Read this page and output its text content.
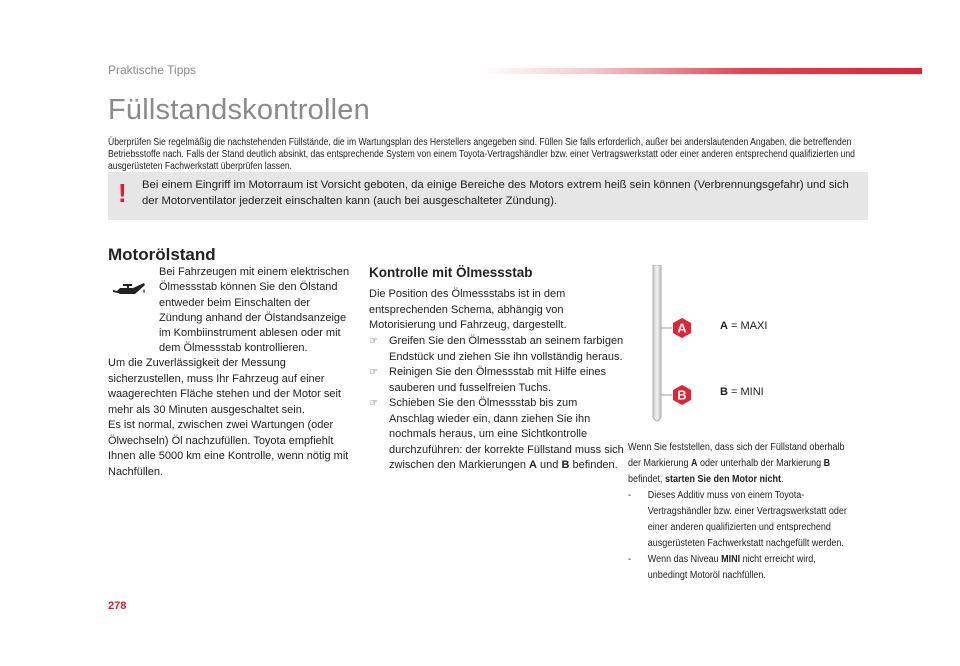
Praktische Tipps
Füllstandskontrollen
Überprüfen Sie regelmäßig die nachstehenden Füllstände, die im Wartungsplan des Herstellers angegeben sind. Füllen Sie falls erforderlich, außer bei anderslautenden Angaben, die betreffenden Betriebsstoffe nach. Falls der Stand deutlich absinkt, das entsprechende System von einem Toyota-Vertragshändler bzw. einer Vertragswerkstatt oder einer anderen entsprechend qualifizierten und ausgerüsteten Fachwerkstatt überprüfen lassen.
! Bei einem Eingriff im Motorraum ist Vorsicht geboten, da einige Bereiche des Motors extrem heiß sein können (Verbrennungsgefahr) und sich der Motorventilator jederzeit einschalten kann (auch bei ausgeschalteter Zündung).
Motorölstand
Bei Fahrzeugen mit einem elektrischen Ölmessstab können Sie den Ölstand entweder beim Einschalten der Zündung anhand der Ölstandsanzeige im Kombiinstrument ablesen oder mit dem Ölmessstab kontrollieren.
Um die Zuverlässigkeit der Messung sicherzustellen, muss Ihr Fahrzeug auf einer waagerechten Fläche stehen und der Motor seit mehr als 30 Minuten ausgeschaltet sein.
Es ist normal, zwischen zwei Wartungen (oder Ölwechseln) Öl nachzufüllen. Toyota empfiehlt Ihnen alle 5000 km eine Kontrolle, wenn nötig mit Nachfüllen.
Kontrolle mit Ölmessstab
Die Position des Ölmessstabs ist in dem entsprechenden Schema, abhängig von Motorisierung und Fahrzeug, dargestellt.
☞ Greifen Sie den Ölmessstab an seinem farbigen Endstück und ziehen Sie ihn vollständig heraus.
☞ Reinigen Sie den Ölmessstab mit Hilfe eines sauberen und fusselfreien Tuchs.
☞ Schieben Sie den Ölmessstab bis zum Anschlag wieder ein, dann ziehen Sie ihn nochmals heraus, um eine Sichtkontrolle durchzuführen: der korrekte Füllstand muss sich zwischen den Markierungen A und B befinden.
A
B
A = MAXI
B = MINI
Wenn Sie feststellen, dass sich der Füllstand oberhalb der Markierung A oder unterhalb der Markierung B befindet, starten Sie den Motor nicht.
- Dieses Additiv muss von einem Toyota-Vertragshändler bzw. einer Vertragswerkstatt oder einer anderen qualifizierten und entsprechend ausgerüsteten Fachwerkstatt nachgefüllt werden.
- Wenn das Niveau MINI nicht erreicht wird, unbedingt Motoröl nachfüllen.
278
